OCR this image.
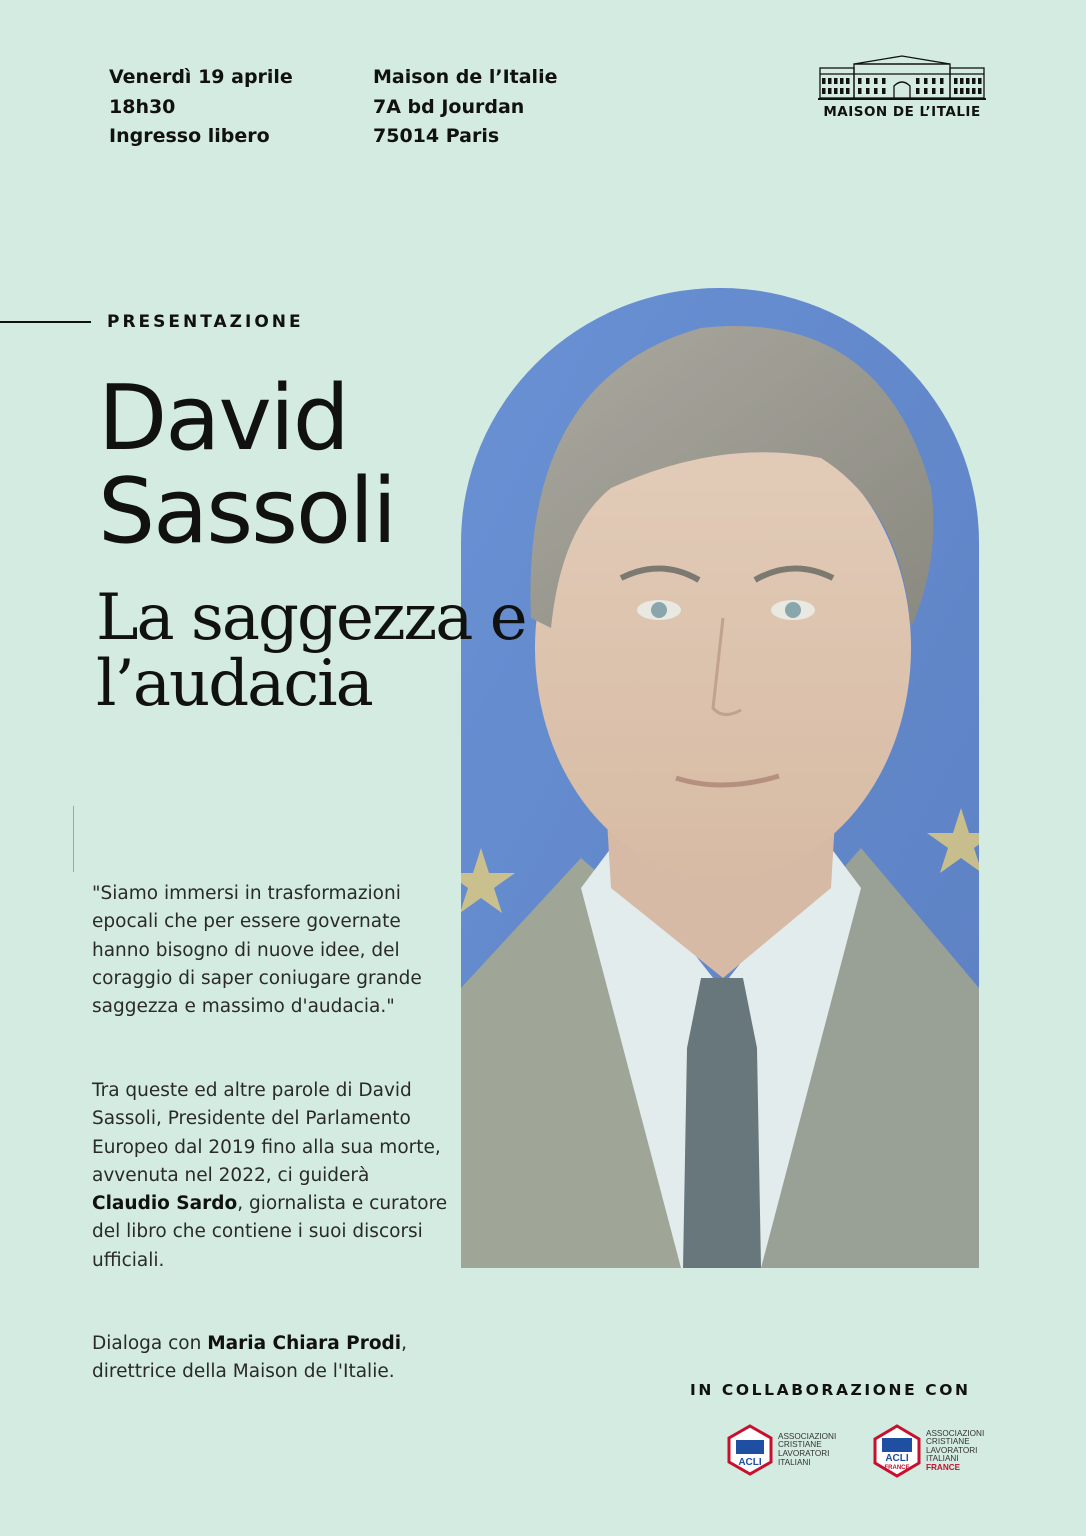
Venerdì 19 aprile
18h30
Ingresso libero
Maison de l’Italie
7A bd Jourdan
75014 Paris
MAISON DE L’ITALIE
PRESENTAZIONE
David
Sassoli
La saggezza e
l’audacia
"Siamo immersi in trasformazioni epocali che per essere governate hanno bisogno di nuove idee, del coraggio di saper coniugare grande saggezza e massimo d'audacia."
Tra queste ed altre parole di David Sassoli, Presidente del Parlamento Europeo dal 2019 fino alla sua morte, avvenuta nel 2022, ci guiderà Claudio Sardo, giornalista e curatore del libro che contiene i suoi discorsi ufficiali.
Dialoga con Maria Chiara Prodi, direttrice della Maison de l'Italie.
IN COLLABORAZIONE CON
ACLI
ASSOCIAZIONI
CRISTIANE
LAVORATORI
ITALIANI	ACLI
FRANCE
ASSOCIAZIONI
CRISTIANE
LAVORATORI
ITALIANI
FRANCE
